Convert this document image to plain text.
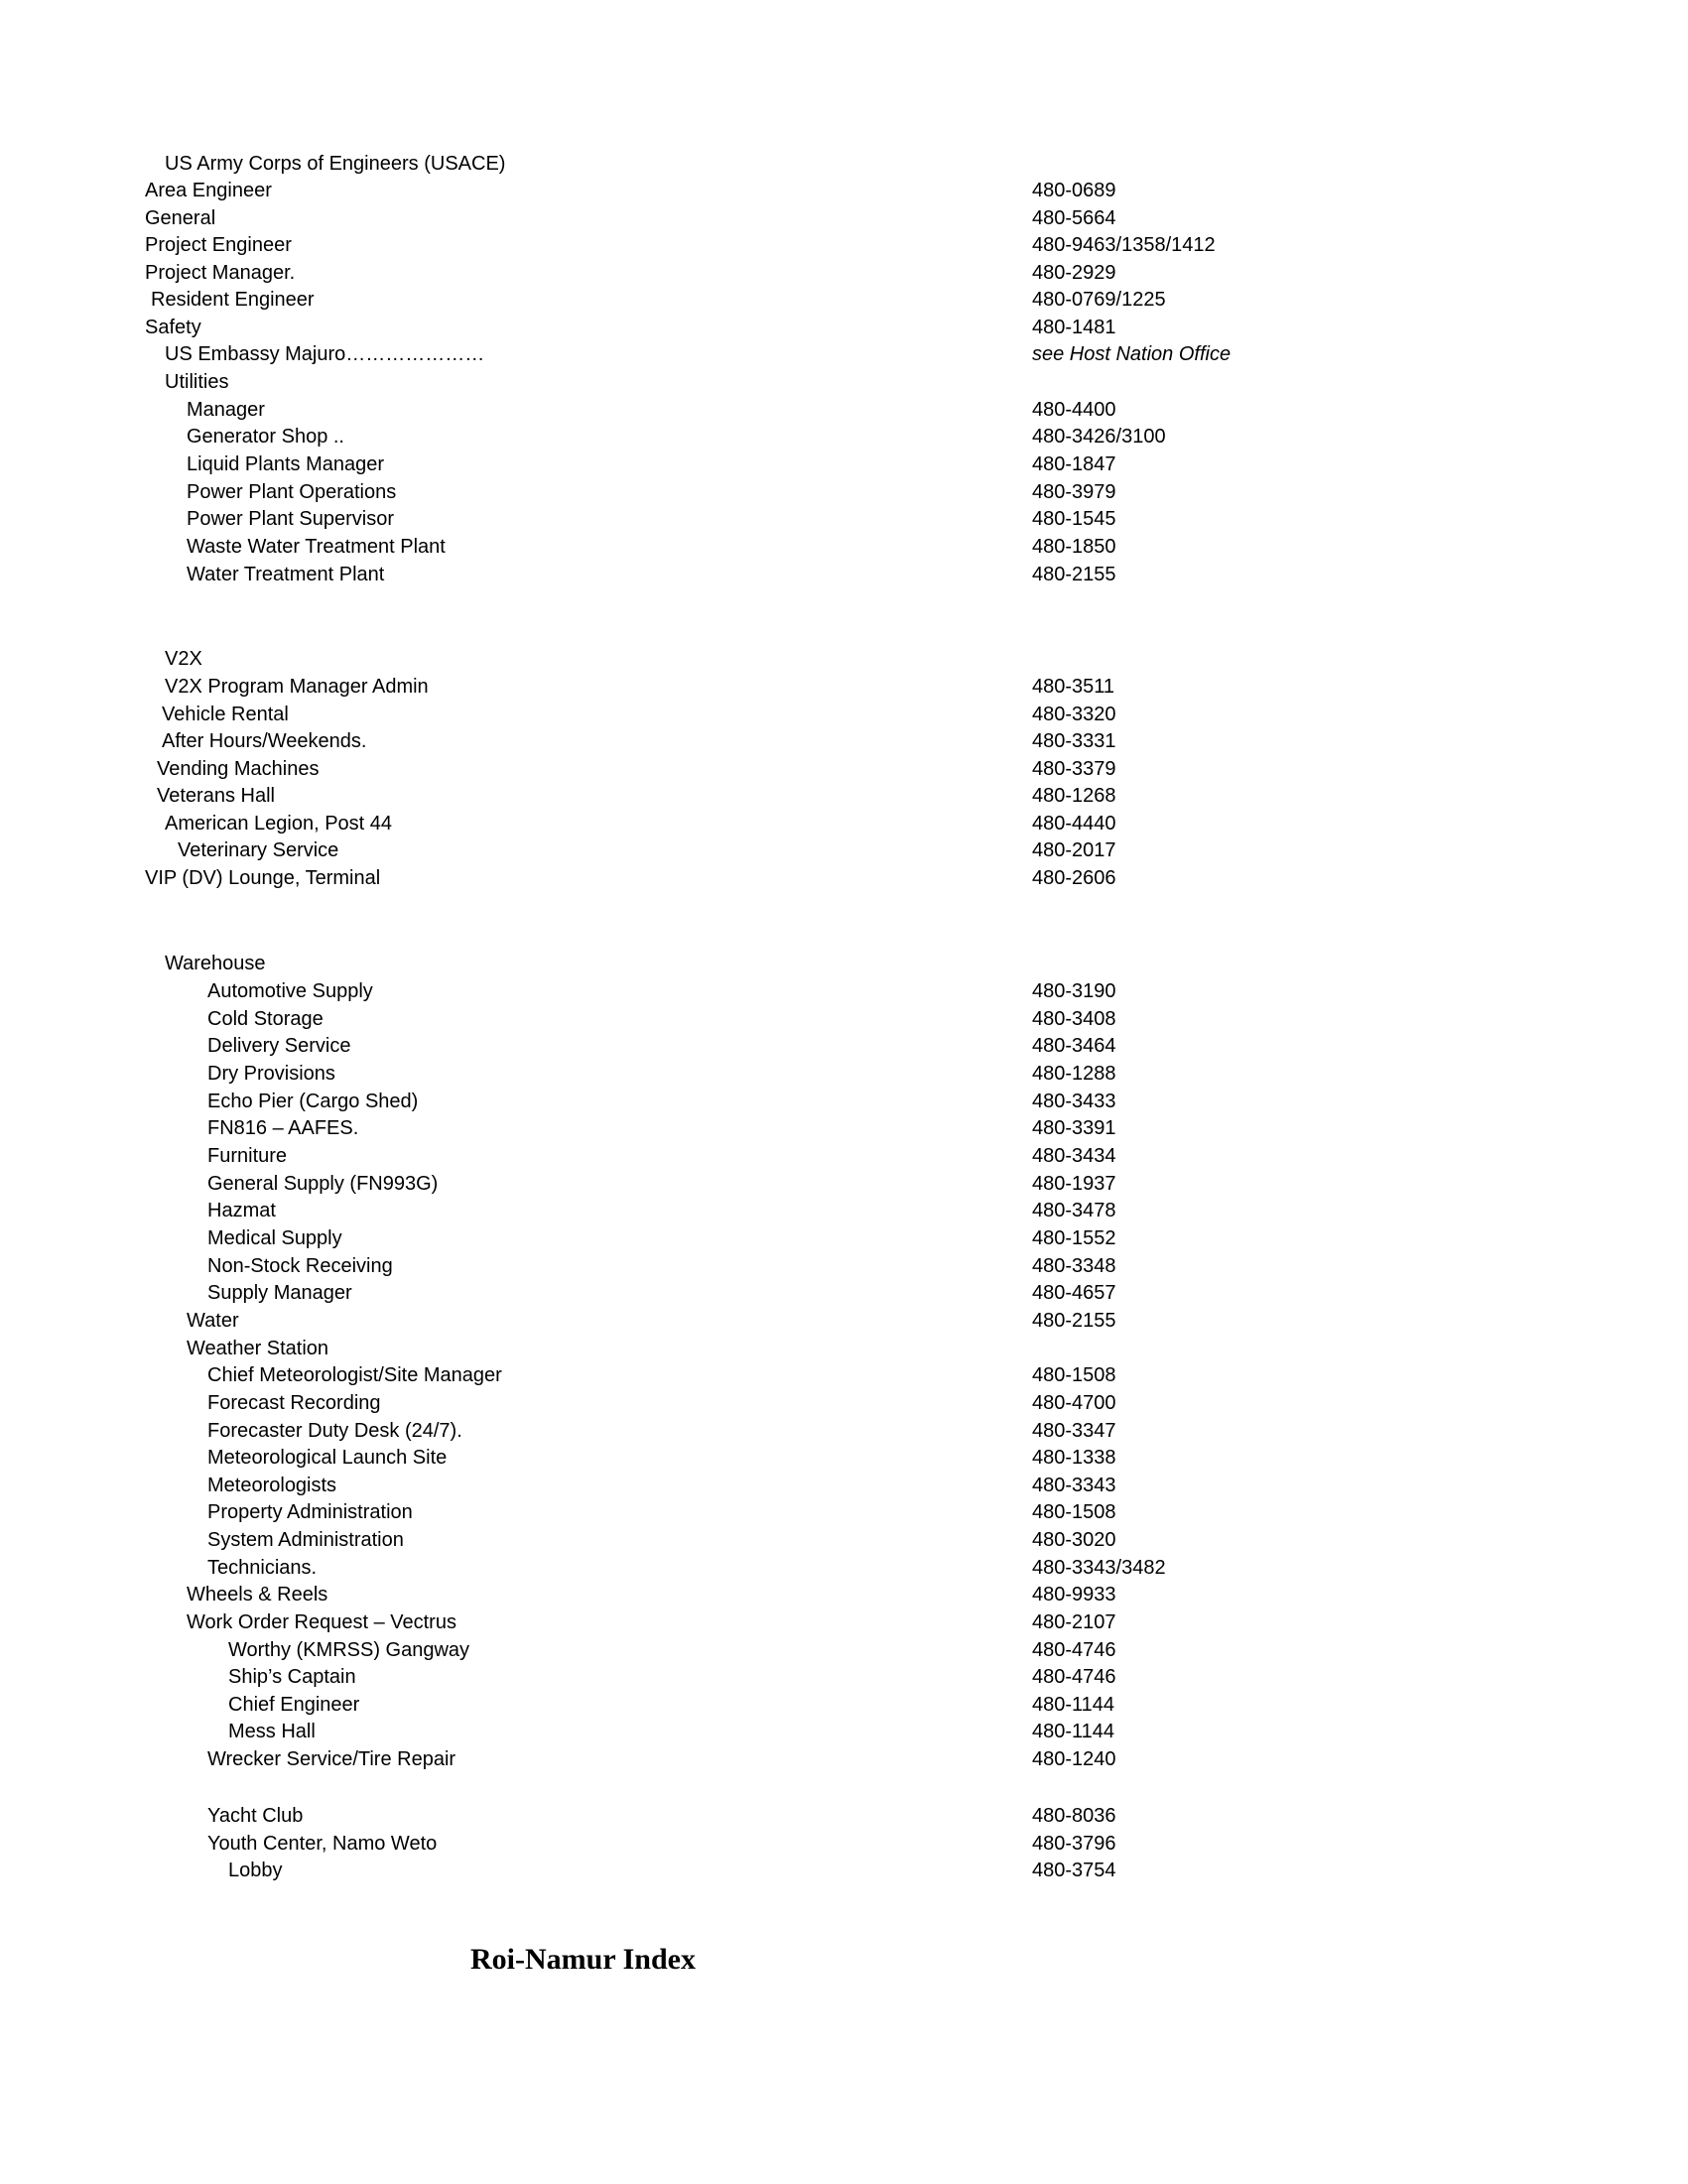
US Army Corps of Engineers (USACE)
Area Engineer	480-0689
General	480-5664
Project Engineer	480-9463/1358/1412
Project Manager.	480-2929
Resident Engineer	480-0769/1225
Safety	480-1481
US Embassy Majuro…………………	see Host Nation Office
Utilities
Manager	480-4400
Generator Shop ..	480-3426/3100
Liquid Plants Manager	480-1847
Power Plant Operations	480-3979
Power Plant Supervisor	480-1545
Waste Water Treatment Plant	480-1850
Water Treatment Plant	480-2155
V2X
V2X Program Manager Admin	480-3511
Vehicle Rental	480-3320
After Hours/Weekends.	480-3331
Vending Machines	480-3379
Veterans Hall	480-1268
American Legion, Post 44	480-4440
Veterinary Service	480-2017
VIP (DV) Lounge, Terminal	480-2606
Warehouse
Automotive Supply	480-3190
Cold Storage	480-3408
Delivery Service	480-3464
Dry Provisions	480-1288
Echo Pier (Cargo Shed)	480-3433
FN816 – AAFES.	480-3391
Furniture	480-3434
General Supply (FN993G)	480-1937
Hazmat	480-3478
Medical Supply	480-1552
Non-Stock Receiving	480-3348
Supply Manager	480-4657
Water	480-2155
Weather Station
Chief Meteorologist/Site Manager	480-1508
Forecast Recording	480-4700
Forecaster Duty Desk (24/7).	480-3347
Meteorological Launch Site	480-1338
Meteorologists	480-3343
Property Administration	480-1508
System Administration	480-3020
Technicians.	480-3343/3482
Wheels & Reels	480-9933
Work Order Request – Vectrus	480-2107
Worthy (KMRSS) Gangway	480-4746
Ship’s Captain	480-4746
Chief Engineer	480-1144
Mess Hall	480-1144
Wrecker Service/Tire Repair	480-1240
Yacht Club	480-8036
Youth Center, Namo Weto	480-3796
Lobby	480-3754
Roi-Namur Index
